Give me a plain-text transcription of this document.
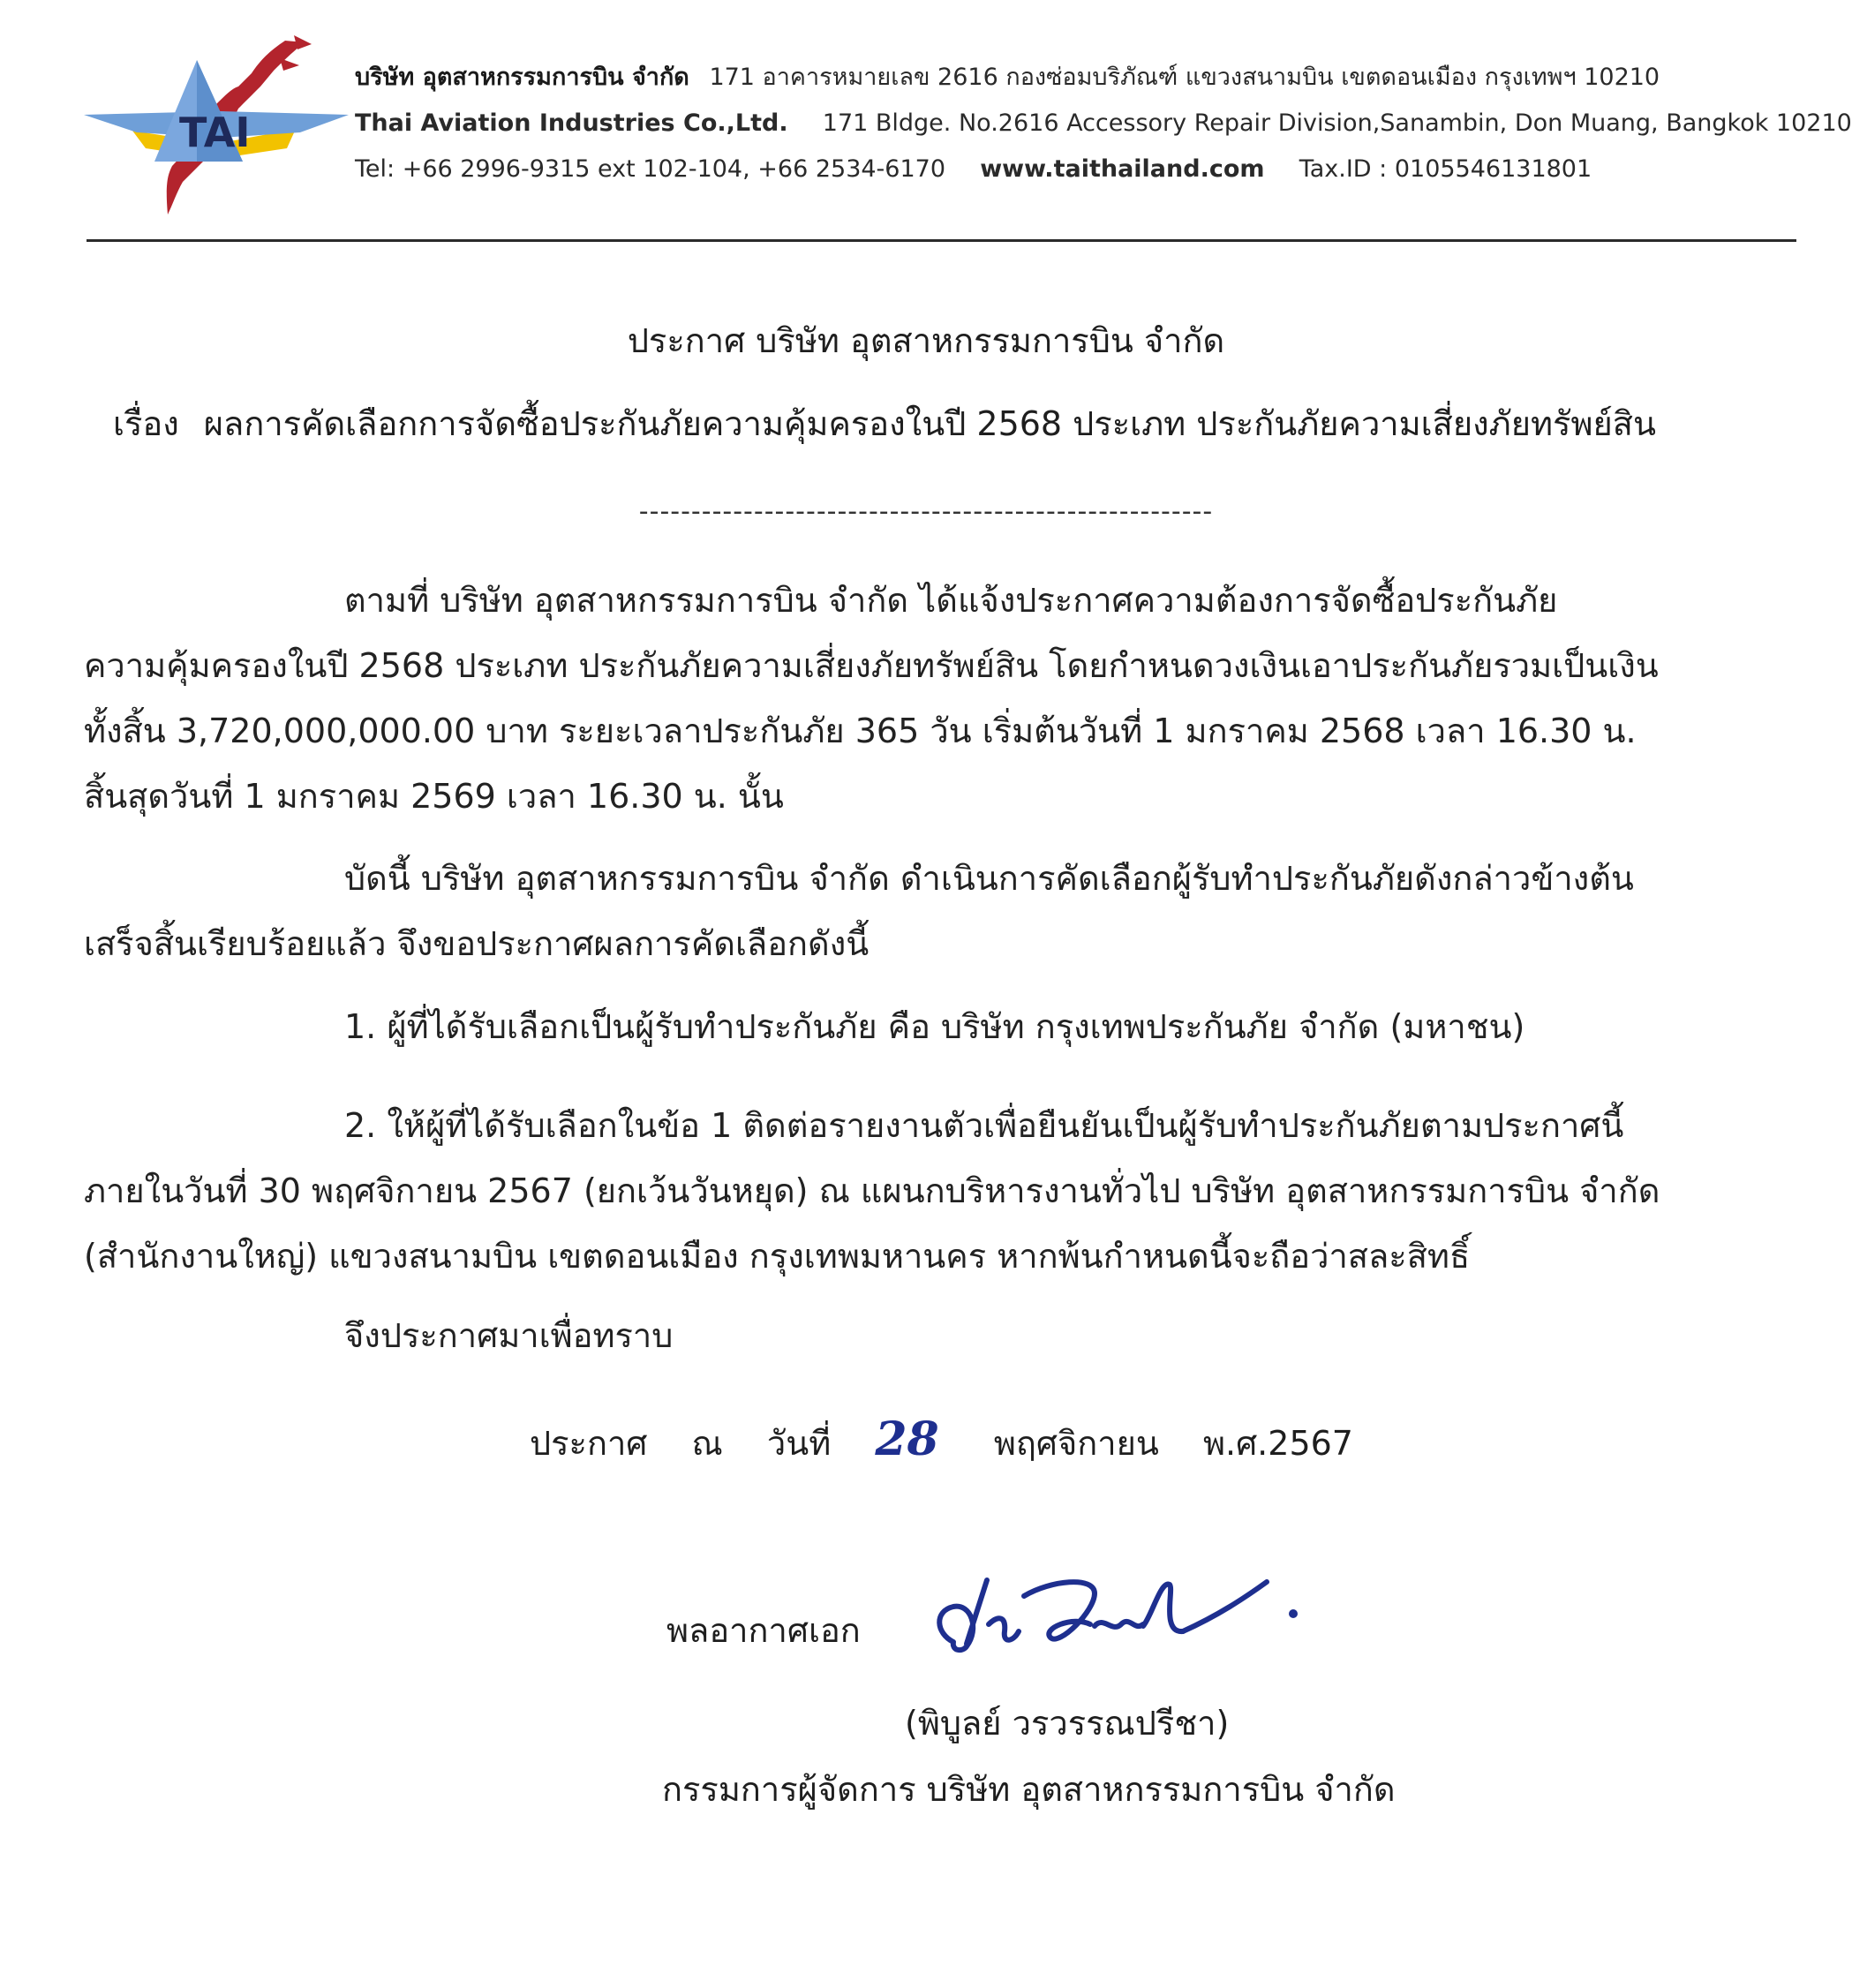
TAI
บริษัท อุตสาหกรรมการบิน จำกัด 171 อาคารหมายเลข 2616 กองซ่อมบริภัณฑ์ แขวงสนามบิน เขตดอนเมือง กรุงเทพฯ 10210
Thai Aviation Industries Co.,Ltd. 171 Bldge. No.2616 Accessory Repair Division,Sanambin, Don Muang, Bangkok 10210
Tel: +66 2996-9315 ext 102-104, +66 2534-6170 www.taithailand.com Tax.ID : 0105546131801
ประกาศ บริษัท อุตสาหกรรมการบิน จำกัด
เรื่อง ผลการคัดเลือกการจัดซื้อประกันภัยความคุ้มครองในปี 2568 ประเภท ประกันภัยความเสี่ยงภัยทรัพย์สิน
-------------------------------------------------------
ตามที่ บริษัท อุตสาหกรรมการบิน จำกัด ได้แจ้งประกาศความต้องการจัดซื้อประกันภัย
ความคุ้มครองในปี 2568 ประเภท ประกันภัยความเสี่ยงภัยทรัพย์สิน โดยกำหนดวงเงินเอาประกันภัยรวมเป็นเงิน
ทั้งสิ้น 3,720,000,000.00 บาท ระยะเวลาประกันภัย 365 วัน เริ่มต้นวันที่ 1 มกราคม 2568 เวลา 16.30 น.
สิ้นสุดวันที่ 1 มกราคม 2569 เวลา 16.30 น. นั้น
บัดนี้ บริษัท อุตสาหกรรมการบิน จำกัด ดำเนินการคัดเลือกผู้รับทำประกันภัยดังกล่าวข้างต้น
เสร็จสิ้นเรียบร้อยแล้ว จึงขอประกาศผลการคัดเลือกดังนี้
1. ผู้ที่ได้รับเลือกเป็นผู้รับทำประกันภัย คือ บริษัท กรุงเทพประกันภัย จำกัด (มหาชน)
2. ให้ผู้ที่ได้รับเลือกในข้อ 1 ติดต่อรายงานตัวเพื่อยืนยันเป็นผู้รับทำประกันภัยตามประกาศนี้
ภายในวันที่ 30 พฤศจิกายน 2567 (ยกเว้นวันหยุด) ณ แผนกบริหารงานทั่วไป บริษัท อุตสาหกรรมการบิน จำกัด
(สำนักงานใหญ่) แขวงสนามบิน เขตดอนเมือง กรุงเทพมหานคร หากพ้นกำหนดนี้จะถือว่าสละสิทธิ์
จึงประกาศมาเพื่อทราบ
ประกาศ ณ วันที่ 28 พฤศจิกายน พ.ศ.2567
พลอากาศเอก
(พิบูลย์ วรวรรณปรีชา)
กรรมการผู้จัดการ บริษัท อุตสาหกรรมการบิน จำกัด
